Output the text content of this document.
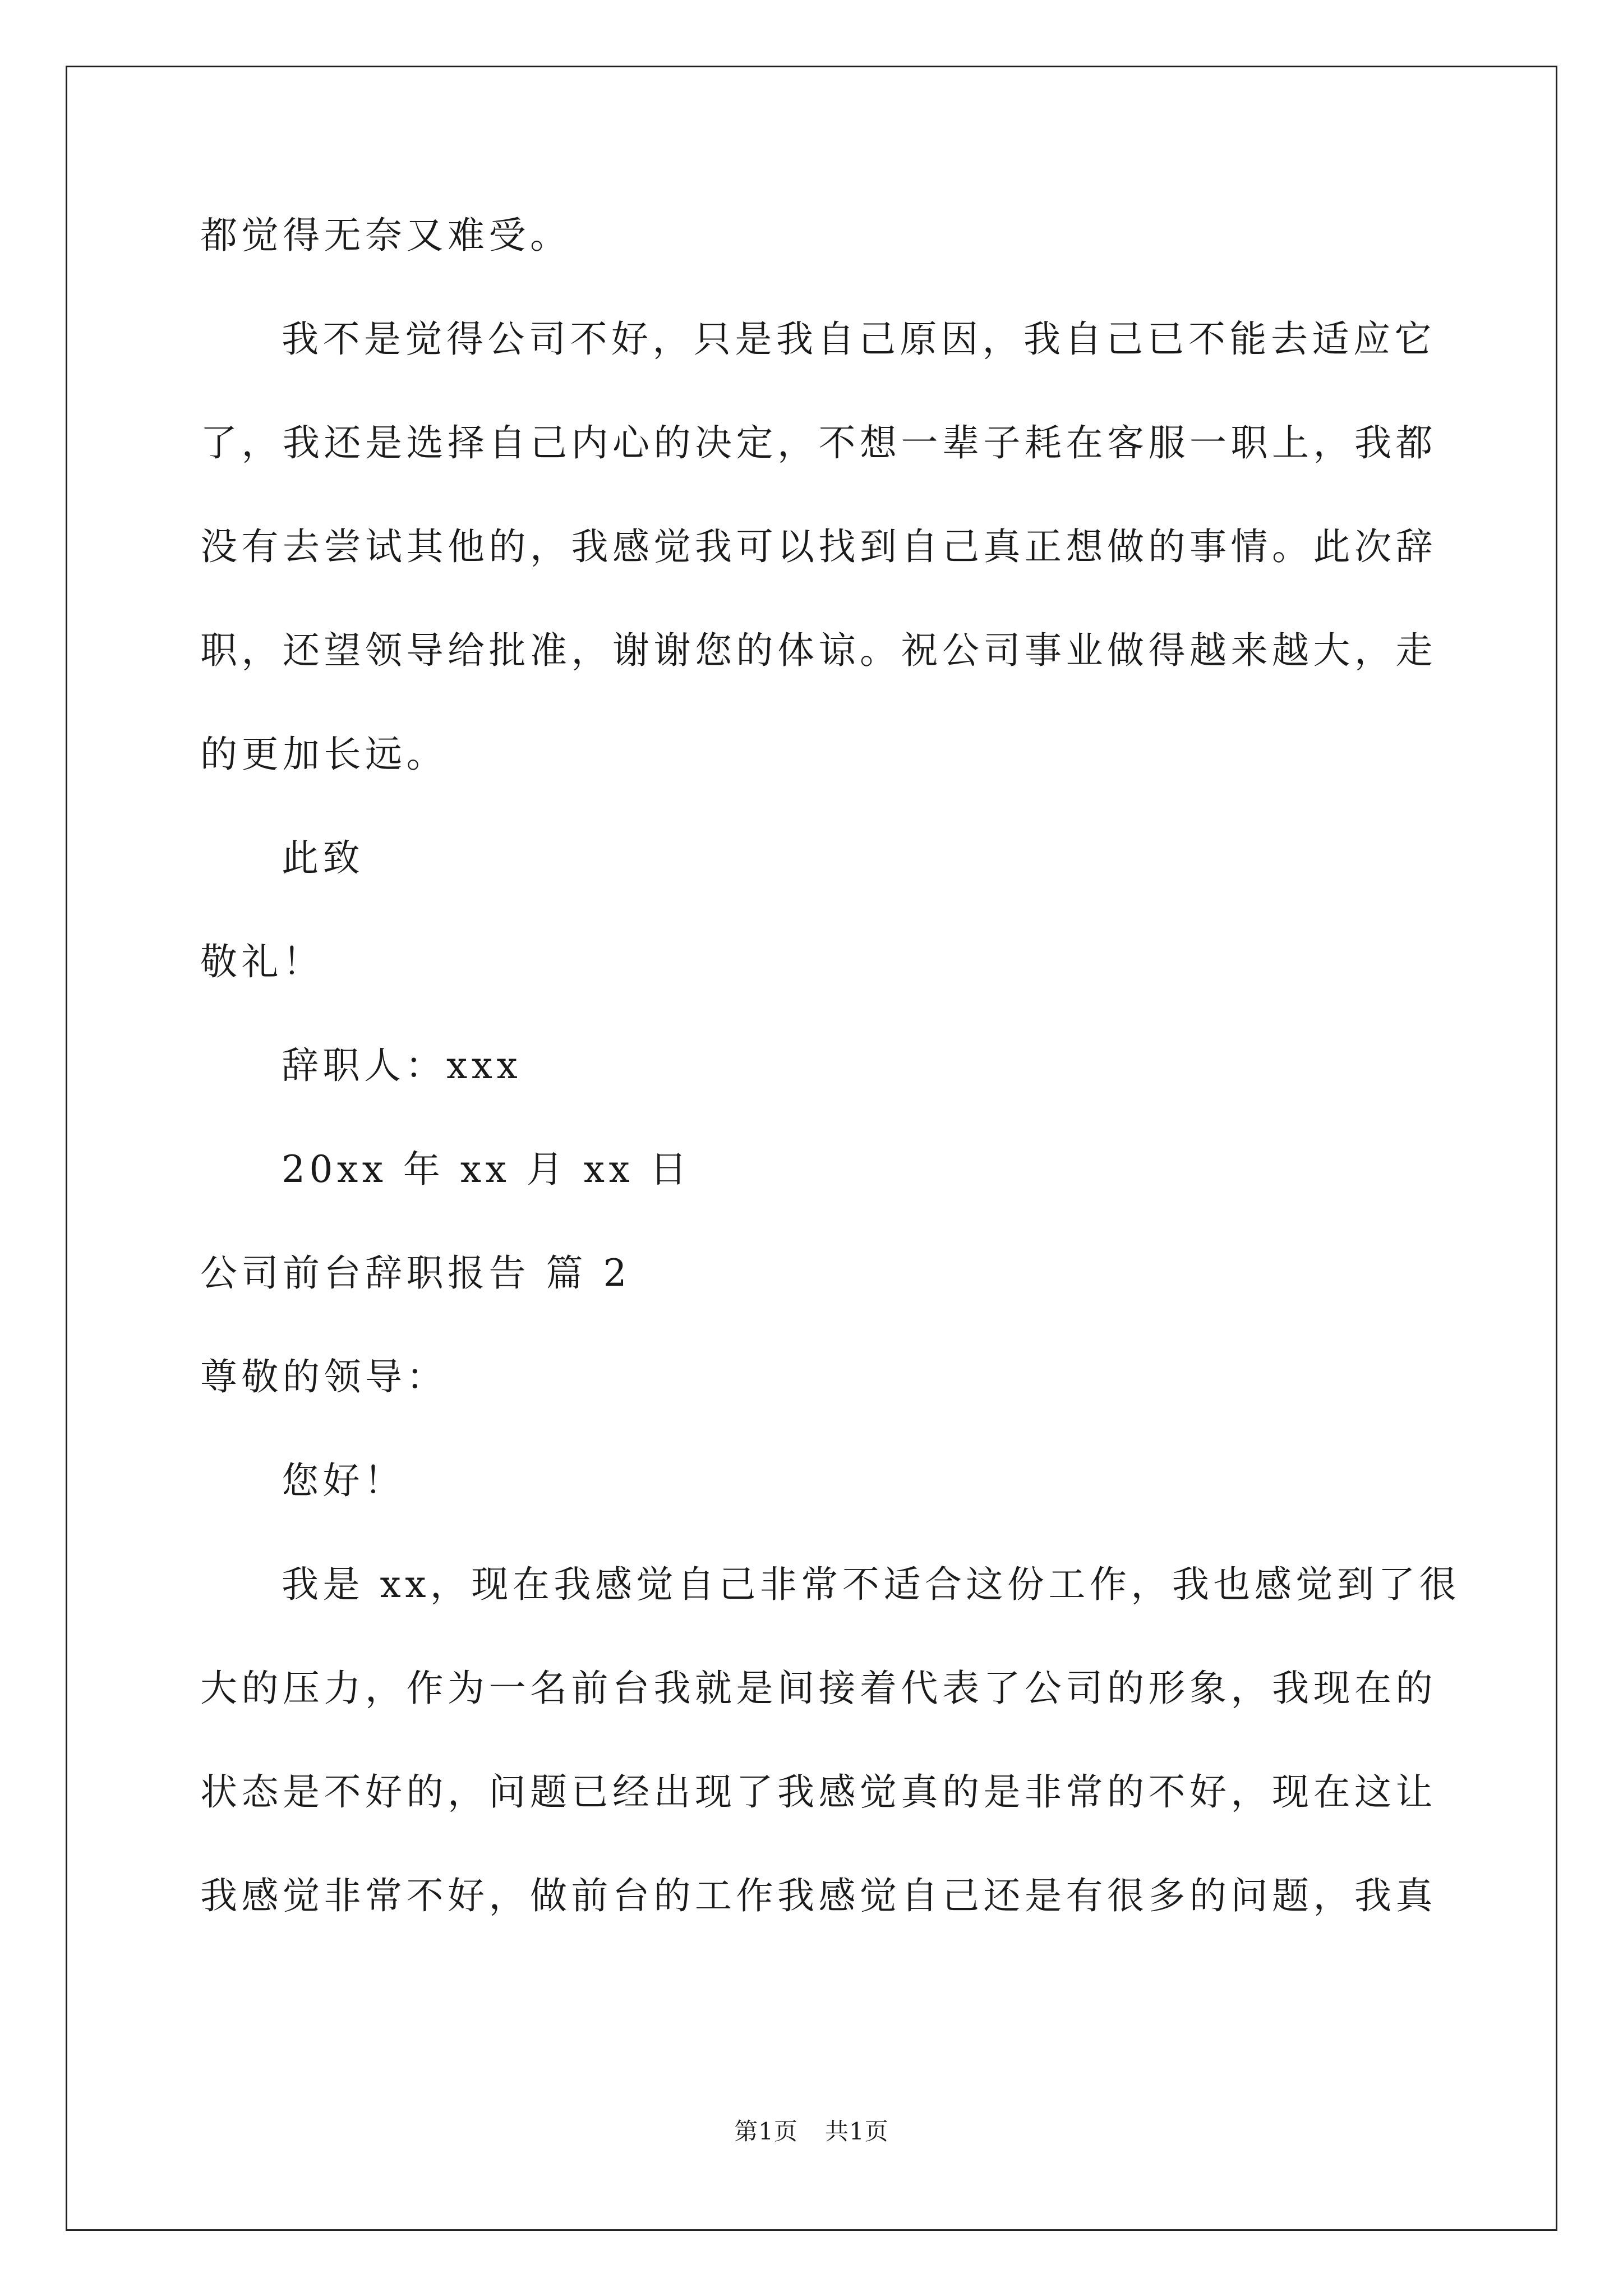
都觉得无奈又难受。

我不是觉得公司不好，只是我自己原因，我自己已不能去适应它

了，我还是选择自己内心的决定，不想一辈子耗在客服一职上，我都

没有去尝试其他的，我感觉我可以找到自己真正想做的事情。此次辞

职，还望领导给批准，谢谢您的体谅。祝公司事业做得越来越大，走

的更加长远。

此致

敬礼！

辞职人：xxx

20xx 年 xx 月 xx 日

公司前台辞职报告 篇 2

尊敬的领导：

您好！

我是 xx，现在我感觉自己非常不适合这份工作，我也感觉到了很

大的压力，作为一名前台我就是间接着代表了公司的形象，我现在的

状态是不好的，问题已经出现了我感觉真的是非常的不好，现在这让

我感觉非常不好，做前台的工作我感觉自己还是有很多的问题，我真

第1页 共1页
